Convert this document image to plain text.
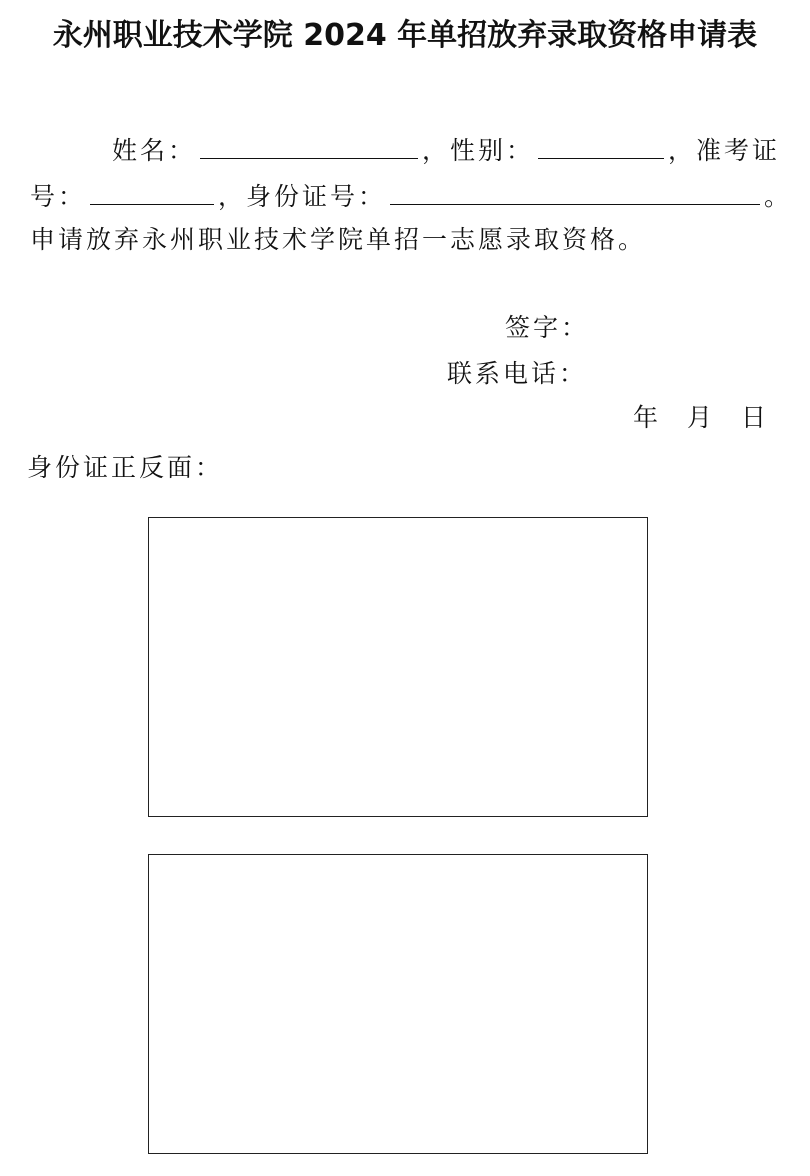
永州职业技术学院 2024 年单招放弃录取资格申请表
姓名：	，性别：	，准考证
号：	，身份证号：	。
申请放弃永州职业技术学院单招一志愿录取资格。
签字：
联系电话：
年 月 日
身份证正反面：
